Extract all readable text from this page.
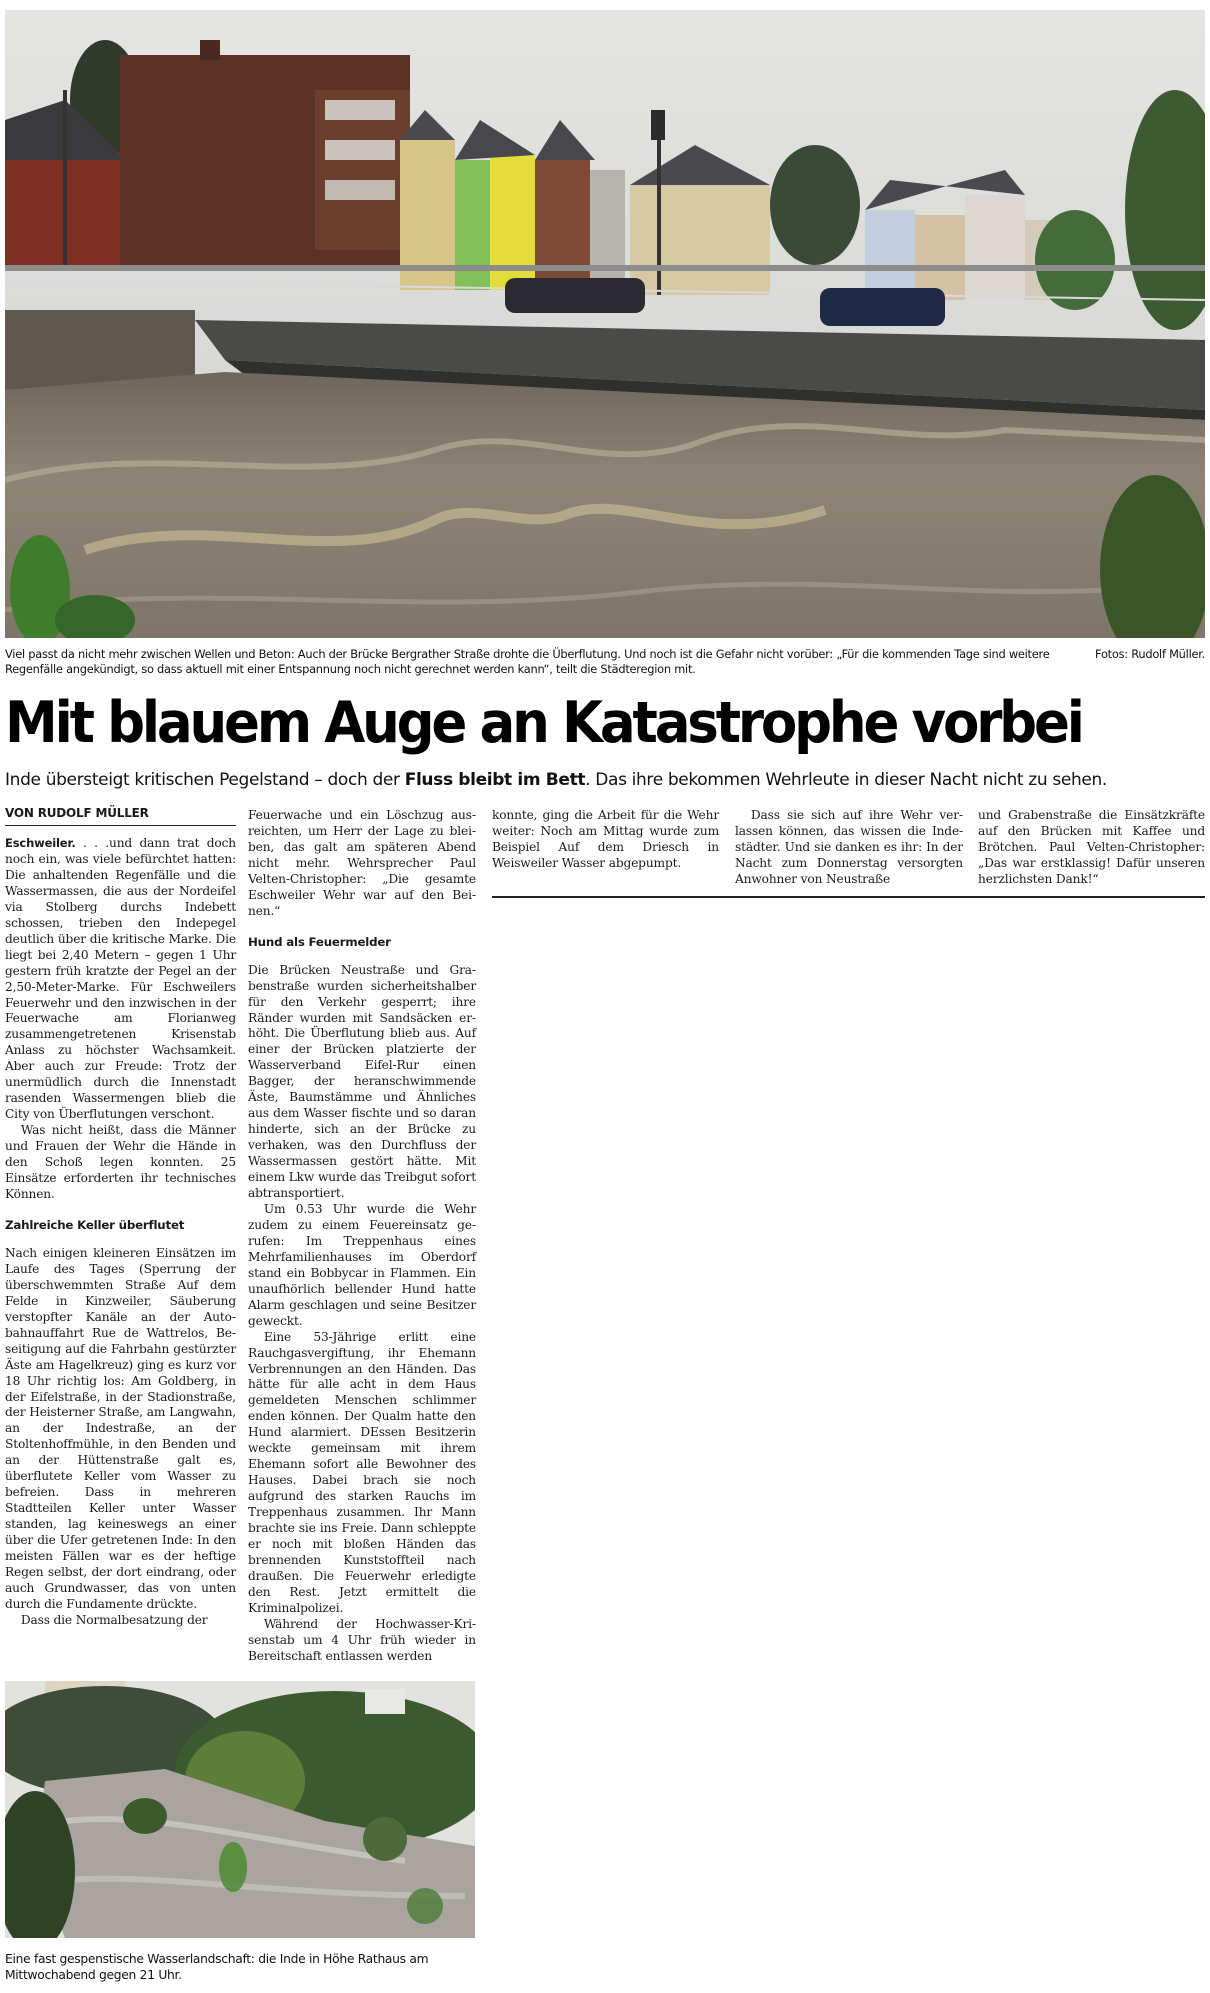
Fotos: Rudolf Müller.
Viel passt da nicht mehr zwischen Wellen und Beton: Auch der Brücke Bergrather Straße drohte die Überflutung. Und noch ist die Gefahr nicht vorüber: „Für die kommenden Tage sind weitere Regenfälle angekündigt, so dass aktuell mit einer Entspannung noch nicht gerechnet werden kann“, teilt die Städteregion mit.
Mit blauem Auge an Katastrophe vorbei
Inde übersteigt kritischen Pegelstand – doch der Fluss bleibt im Bett. Das ihre bekommen Wehrleute in dieser Nacht nicht zu sehen.
VON RUDOLF MÜLLER

Eschweiler. . . .und dann trat doch noch ein, was viele befürchtet hatten: Die anhaltenden Regenfälle und die Wassermassen, die aus der Nordeifel via Stolberg durchs Indebett schossen, trieben den Indepegel deutlich über die kritische Marke. Die liegt bei 2,40 Metern – gegen 1 Uhr gestern früh kratzte der Pegel an der 2,50-Meter-Marke. Für Eschweilers Feuerwehr und den inzwischen in der Feuerwache am Florianweg zusammengetretenen Krisenstab Anlass zu höchster Wachsamkeit. Aber auch zur Freude: Trotz der unermüdlich durch die Innenstadt rasenden Wassermengen blieb die City von Überflutungen verschont.

Was nicht heißt, dass die Männer und Frauen der Wehr die Hände in den Schoß legen konnten. 25 Einsätze erforderten ihr technisches Können.

Zahlreiche Keller überflutet

Nach einigen kleineren Einsätzen im Laufe des Tages (Sperrung der überschwemmten Straße Auf dem Felde in Kinzweiler, Säuberung verstopfter Kanäle an der Autobahnauffahrt Rue de Wattrelos, Beseitigung auf die Fahrbahn gestürzter Äste am Hagelkreuz) ging es kurz vor 18 Uhr richtig los: Am Goldberg, in der Eifelstraße, in der Stadionstraße, der Heisterner Straße, am Langwahn, an der Indestraße, an der Stoltenhoffmühle, in den Benden und an der Hüttenstraße galt es, überflutete Keller vom Wasser zu befreien. Dass in mehreren Stadtteilen Keller unter Wasser standen, lag keineswegs an einer über die Ufer getretenen Inde: In den meisten Fällen war es der heftige Regen selbst, der dort eindrang, oder auch Grundwasser, das von unten durch die Fundamente drückte.

Dass die Normalbesatzung der

Feuerwache und ein Löschzug ausreichten, um Herr der Lage zu bleiben, das galt am späteren Abend nicht mehr. Wehrsprecher Paul Velten-Christopher: „Die gesamte Eschweiler Wehr war auf den Beinen.“

Hund als Feuermelder

Die Brücken Neustraße und Grabenstraße wurden sicherheitshalber für den Verkehr gesperrt; ihre Ränder wurden mit Sandsäcken erhöht. Die Überflutung blieb aus. Auf einer der Brücken platzierte der Wasserverband Eifel-Rur einen Bagger, der heranschwimmende Äste, Baumstämme und Ähnliches aus dem Wasser fischte und so daran hinderte, sich an der Brücke zu verhaken, was den Durchfluss der Wassermassen gestört hätte. Mit einem Lkw wurde das Treibgut sofort abtransportiert.

Um 0.53 Uhr wurde die Wehr zudem zu einem Feuereinsatz gerufen: Im Treppenhaus eines Mehrfamilienhauses im Oberdorf stand ein Bobbycar in Flammen. Ein unaufhörlich bellender Hund hatte Alarm geschlagen und seine Besitzer geweckt.

Eine 53-Jährige erlitt eine Rauchgasvergiftung, ihr Ehemann Verbrennungen an den Händen. Das hätte für alle acht in dem Haus gemeldeten Menschen schlimmer enden können. Der Qualm hatte den Hund alarmiert. DEssen Besitzerin weckte gemeinsam mit ihrem Ehemann sofort alle Bewohner des Hauses. Dabei brach sie noch aufgrund des starken Rauchs im Treppenhaus zusammen. Ihr Mann brachte sie ins Freie. Dann schleppte er noch mit bloßen Händen das brennenden Kunststoffteil nach draußen. Die Feuerwehr erledigte den Rest. Jetzt ermittelt die Kriminalpolizei.

Während der Hochwasser-Krisenstab um 4 Uhr früh wieder in Bereitschaft entlassen werden

konnte, ging die Arbeit für die Wehr weiter: Noch am Mittag wurde zum Beispiel Auf dem Driesch in Weisweiler Wasser abgepumpt.

Dass sie sich auf ihre Wehr verlassen können, das wissen die Inde-städter. Und sie danken es ihr: In der Nacht zum Donnerstag versorgten Anwohner von Neustraße

und Grabenstraße die Einsätzkräfte auf den Brücken mit Kaffee und Brötchen. Paul Velten-Christopher: „Das war erstklassig! Dafür unseren herzlichsten Dank!“

Eine fast gespenstische Wasserlandschaft: die Inde in Höhe Rathaus am Mittwochabend gegen 21 Uhr.
